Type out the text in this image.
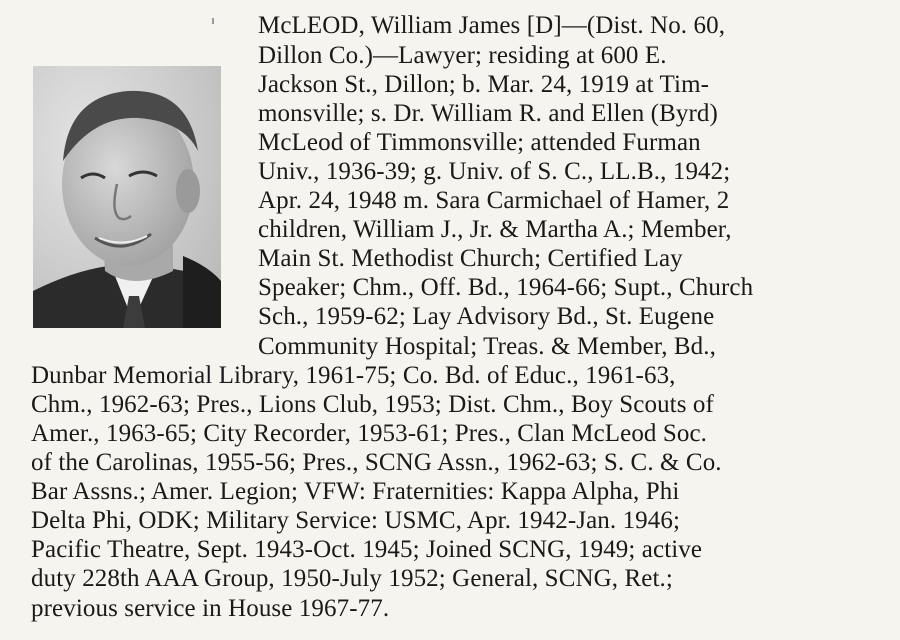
McLEOD, William James [D]—(Dist. No. 60,
Dillon Co.)—Lawyer; residing at 600 E.
Jackson St., Dillon; b. Mar. 24, 1919 at Tim-
monsville; s. Dr. William R. and Ellen (Byrd)
McLeod of Timmonsville; attended Furman
Univ., 1936-39; g. Univ. of S. C., LL.B., 1942;
Apr. 24, 1948 m. Sara Carmichael of Hamer, 2
children, William J., Jr. & Martha A.; Member,
Main St. Methodist Church; Certified Lay
Speaker; Chm., Off. Bd., 1964-66; Supt., Church
Sch., 1959-62; Lay Advisory Bd., St. Eugene
Community Hospital; Treas. & Member, Bd.,
Dunbar Memorial Library, 1961-75; Co. Bd. of Educ., 1961-63,
Chm., 1962-63; Pres., Lions Club, 1953; Dist. Chm., Boy Scouts of
Amer., 1963-65; City Recorder, 1953-61; Pres., Clan McLeod Soc.
of the Carolinas, 1955-56; Pres., SCNG Assn., 1962-63; S. C. & Co.
Bar Assns.; Amer. Legion; VFW: Fraternities: Kappa Alpha, Phi
Delta Phi, ODK; Military Service: USMC, Apr. 1942-Jan. 1946;
Pacific Theatre, Sept. 1943-Oct. 1945; Joined SCNG, 1949; active
duty 228th AAA Group, 1950-July 1952; General, SCNG, Ret.;
previous service in House 1967-77.
